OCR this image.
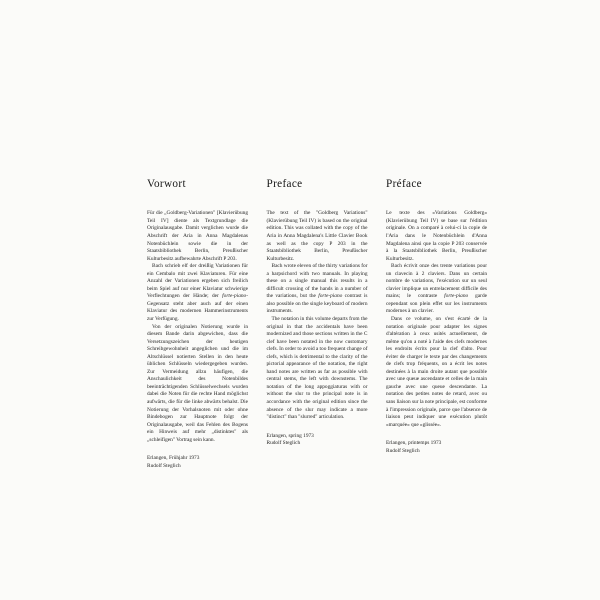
Vorwort

Für die „Goldberg-Variationen" [Klavierübung Teil IV] diente als Textgrundlage die Originalausgabe. Damit verglichen wurde die Abschrift der Aria in Anna Magdalenas Notenbüchlein sowie die in der Staatsbibliothek Berlin, Preußischer Kulturbesitz aufbewahrte Abschrift P 203.

Bach schrieb elf der dreißig Variationen für ein Cembalo mit zwei Klaviaturen. Für eine Anzahl der Variationen ergeben sich freilich beim Spiel auf nur einer Klaviatur schwierige Verflechtungen der Hände; der forte-piano-Gegensatz steht aber auch auf der einen Klaviatur des modernen Hammerinstruments zur Verfügung.

Von der originalen Notierung wurde in diesem Bande darin abgewichen, dass die Versetzungszeichen der heutigen Schreibgewohnheit angeglichen und die im Altschlüssel notierten Stellen in den heute üblichen Schlüsseln wiedergegeben wurden. Zur Vermeidung allzu häufigen, die Anschaulichkeit des Notenbildes beeinträchtigenden Schlüsselwechsels wurden dabei die Noten für die rechte Hand möglichst aufwärts, die für die linke abwärts behalst. Die Notierung der Vorhalsnoten mit oder ohne Bindebogen zur Hauptnote folgt der Originalausgabe, weil das Fehlen des Bogens ein Hinweis auf mehr „distinktes" als „schleifigen" Vortrag sein kann.

Erlangen, Frühjahr 1973

Rudolf Steglich

Preface

The text of the "Goldberg Variations" (Klavierübung Teil IV) is based on the original edition. This was collated with the copy of the Aria in Anna Magdalena's Little Clavier Book as well as the copy P 203 in the Staatsbibliothek Berlin, Preußischer Kulturbesitz.

Bach wrote eleven of the thirty variations for a harpsichord with two manuals. In playing these on a single manual this results in a difficult crossing of the hands in a number of the variations, but the forte-piano contrast is also possible on the single keyboard of modern instruments.

The notation in this volume departs from the original in that the accidentals have been modernized and those sections written in the C clef have been notated in the now customary clefs. In order to avoid a too frequent change of clefs, which is detrimental to the clarity of the pictorial appearance of the notation, the right hand notes are written as far as possible with central stems, the left with downstems. The notation of the long appoggiaturas with or without the slur to the principal note is in accordance with the original edition since the absence of the slur may indicate a more "distinct" than "slurred" articulation.

Erlangen, spring 1973

Rudolf Steglich

Préface

Le texte des «Variations Goldberg» (Klavierübung Teil IV) se base sur l'édition originale. On a comparé à celui-ci la copie de l'Aria dans le Notenbüchlein d'Anna Magdalena ainsi que la copie P 203 conservée à la Staatsbibliothek Berlin, Preußischer Kulturbesitz.

Bach écrivit onze des trente variations pour un clavecin à 2 claviers. Dans un certain nombre de variations, l'exécution sur un seul clavier implique un entrelacement difficile des mains; le contraste forte-piano garde cependant son plein effet sur les instruments modernes à un clavier.

Dans ce volume, on s'est écarté de la notation originale pour adapter les signes d'altération à ceux usités actuellement, de même qu'on a noté à l'aide des clefs modernes les endroits écrits pour la clef d'alto. Pour éviter de charger le texte par des changements de clefs trop fréquents, on a écrit les notes destinées à la main droite autant que possible avec une queue ascendante et celles de la main gauche avec une queue descendante. La notation des petites notes de retard, avec ou sans liaison sur la note principale, est conforme à l'impression originale, parce que l'absence de liaison peut indiquer une exécution plutôt «marquée» que «glissée».

Erlangen, printemps 1973

Rudolf Steglich
